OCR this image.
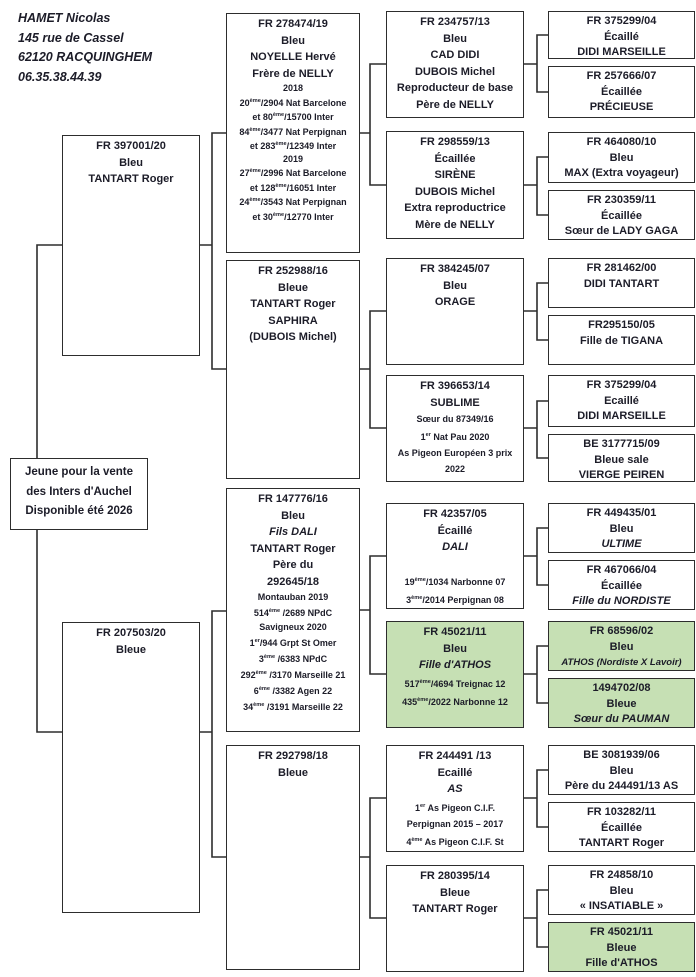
HAMET Nicolas
145 rue de Cassel
62120 RACQUINGHEM
06.35.38.44.39
Jeune pour la vente
des Inters d'Auchel
Disponible été 2026
FR 397001/20
Bleu
TANTART Roger
FR 207503/20
Bleue
FR 278474/19
Bleu
NOYELLE Hervé
Frère de NELLY
2018
20ème/2904 Nat Barcelone
et 80ème/15700 Inter
84ème/3477 Nat Perpignan
et 283ème/12349 Inter
2019
27ème/2996 Nat Barcelone
et 128ème/16051 Inter
24ème/3543 Nat Perpignan
et 30ème/12770 Inter
FR 252988/16
Bleue
TANTART Roger
SAPHIRA
(DUBOIS Michel)
FR 147776/16
Bleu
Fils DALI
TANTART Roger
Père du
292645/18
Montauban 2019
514ème /2689 NPdC
Savigneux 2020
1er/944 Grpt St Omer
3ème /6383 NPdC
292ème /3170 Marseille 21
6ème /3382 Agen 22
34ème /3191 Marseille 22
FR 292798/18
Bleue
FR 234757/13
Bleu
CAD DIDI
DUBOIS Michel
Reproducteur de base
Père de NELLY
FR 298559/13
Écaillée
SIRÈNE
DUBOIS Michel
Extra reproductrice
Mère de NELLY
FR 384245/07
Bleu
ORAGE
FR 396653/14
SUBLIME
Sœur du 87349/16
1er Nat Pau 2020
As Pigeon Européen 3 prix
2022
FR 42357/05
Écaillé
DALI

19ème/1034 Narbonne 07
3ème/2014 Perpignan 08
FR 45021/11
Bleu
Fille d'ATHOS
517ème/4694 Treignac 12
435ème/2022 Narbonne 12
FR 244491 /13
Ecaillé
AS
1er As Pigeon C.I.F.
Perpignan 2015 – 2017
4ème As Pigeon C.I.F. St
FR 280395/14
Bleue
TANTART Roger
FR 375299/04
Écaillé
DIDI MARSEILLE
FR 257666/07
Écaillée
PRÉCIEUSE
FR 464080/10
Bleu
MAX (Extra voyageur)
FR 230359/11
Écaillée
Sœur de LADY GAGA
FR 281462/00
DIDI TANTART
FR295150/05
Fille de TIGANA
FR 375299/04
Ecaillé
DIDI MARSEILLE
BE 3177715/09
Bleue sale
VIERGE PEIREN
FR 449435/01
Bleu
ULTIME
FR 467066/04
Écaillée
Fille du NORDISTE
FR 68596/02
Bleu
ATHOS (Nordiste X Lavoir)
1494702/08
Bleue
Sœur du PAUMAN
BE 3081939/06
Bleu
Père du 244491/13 AS
FR 103282/11
Écaillée
TANTART Roger
FR 24858/10
Bleu
« INSATIABLE »
FR 45021/11
Bleue
Fille d'ATHOS
